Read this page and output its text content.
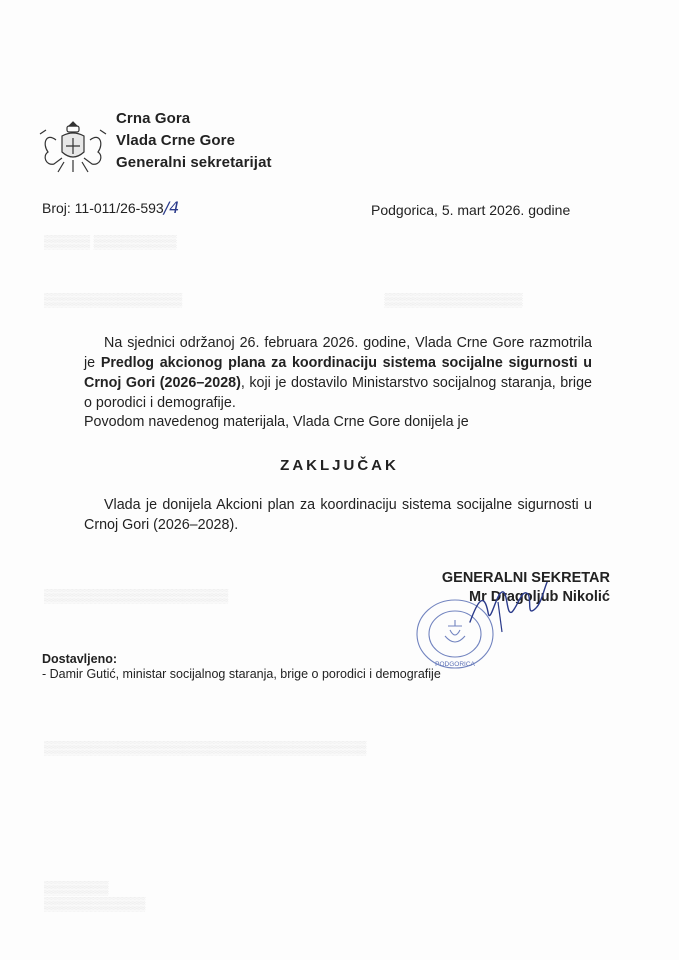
▒▒▒▒▒ ▒▒▒▒▒▒▒▒▒
▒▒▒▒▒▒▒▒▒▒▒▒▒▒▒                                                        ▒▒▒▒▒▒▒▒▒▒▒▒▒▒▒
▒▒▒▒▒▒▒▒▒▒▒▒▒▒▒▒▒▒▒▒
▒▒▒▒▒▒▒▒▒▒▒▒▒▒▒▒▒▒▒▒▒▒▒▒▒▒▒▒▒▒▒▒▒▒▒
▒▒▒▒▒▒▒
▒▒▒▒▒▒▒▒▒▒▒
Crna Gora
Vlada Crne Gore
Generalni sekretarijat
Broj: 11-011/26-593/4	Podgorica, 5. mart 2026. godine
Na sjednici održanoj 26. februara 2026. godine, Vlada Crne Gore razmotrila je Predlog akcionog plana za koordinaciju sistema socijalne sigurnosti u Crnoj Gori (2026–2028), koji je dostavilo Ministarstvo socijalnog staranja, brige o porodici i demografije.
Povodom navedenog materijala, Vlada Crne Gore donijela je
ZAKLJUČAK
Vlada je donijela Akcioni plan za koordinaciju sistema socijalne sigurnosti u Crnoj Gori (2026–2028).
GENERALNI SEKRETAR
Mr Dragoljub Nikolić
PODGORICA
Dostavljeno:
- Damir Gutić, ministar socijalnog staranja, brige o porodici i demografije
